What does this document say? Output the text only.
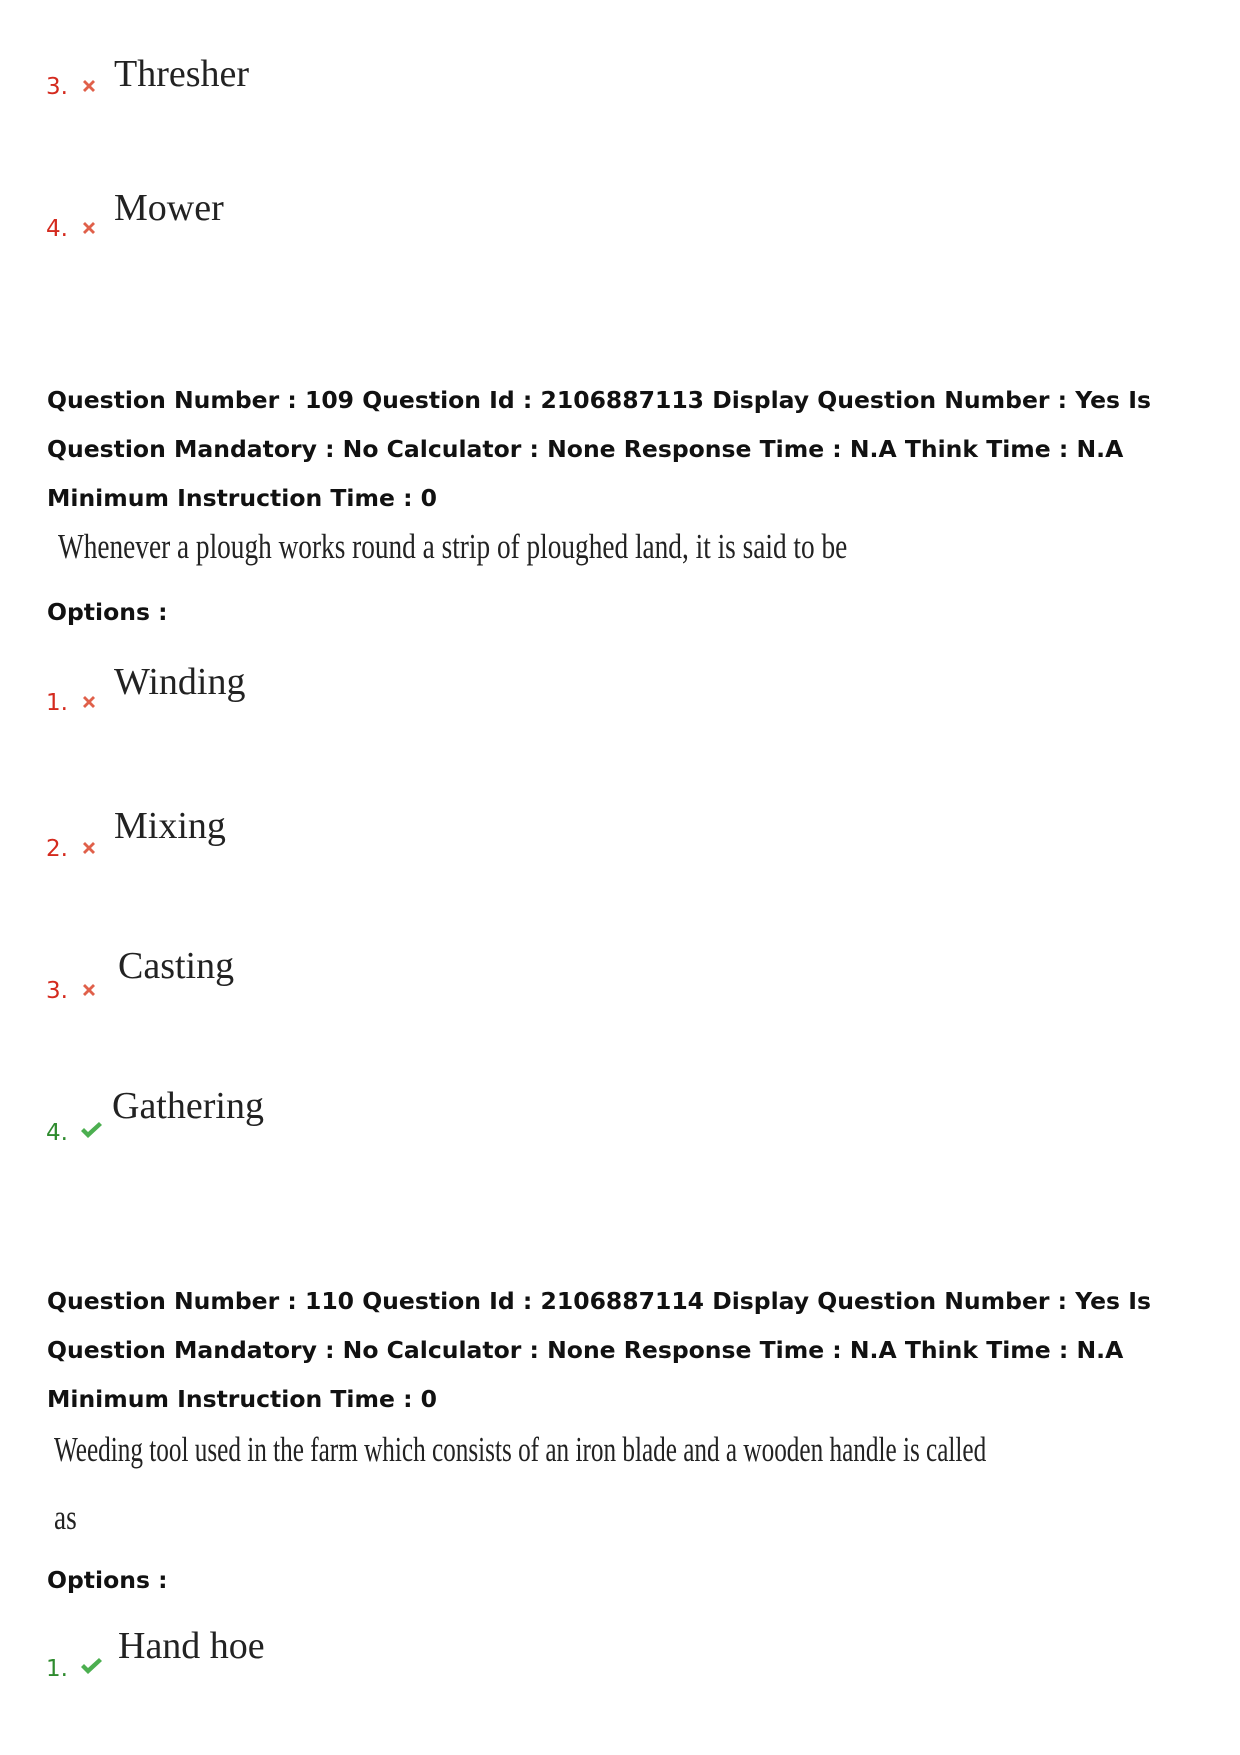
3. Thresher
4. Mower
Question Number : 109 Question Id : 2106887113 Display Question Number : Yes Is Question Mandatory : No Calculator : None Response Time : N.A Think Time : N.A Minimum Instruction Time : 0
Whenever a plough works round a strip of ploughed land, it is said to be
Options :
1. Winding
2.
Mixing
3.
Casting
4.
Gathering
Question Number : 110 Question Id : 2106887114 Display Question Number : Yes Is Question Mandatory : No Calculator : None Response Time : N.A Think Time : N.A Minimum Instruction Time : 0
Weeding tool used in the farm which consists of an iron blade and a wooden handle is called
as
Options :
1.
Hand hoe
